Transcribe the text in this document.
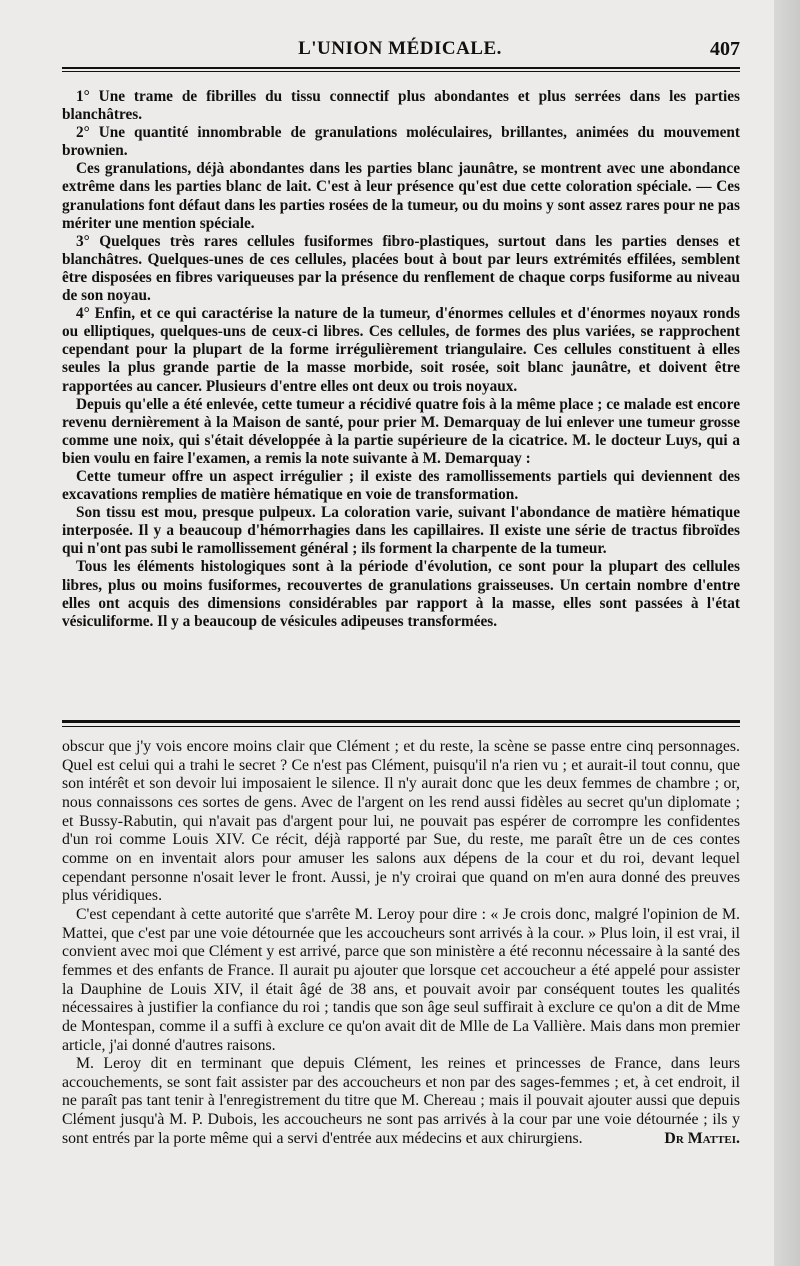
L'UNION MÉDICALE.	407

1° Une trame de fibrilles du tissu connectif plus abondantes et plus serrées dans les parties blanchâtres.

2° Une quantité innombrable de granulations moléculaires, brillantes, animées du mouvement brownien.

Ces granulations, déjà abondantes dans les parties blanc jaunâtre, se montrent avec une abondance extrême dans les parties blanc de lait. C'est à leur présence qu'est due cette coloration spéciale. — Ces granulations font défaut dans les parties rosées de la tumeur, ou du moins y sont assez rares pour ne pas mériter une mention spéciale.

3° Quelques très rares cellules fusiformes fibro-plastiques, surtout dans les parties denses et blanchâtres. Quelques-unes de ces cellules, placées bout à bout par leurs extrémités effilées, semblent être disposées en fibres variqueuses par la présence du renflement de chaque corps fusiforme au niveau de son noyau.

4° Enfin, et ce qui caractérise la nature de la tumeur, d'énormes cellules et d'énormes noyaux ronds ou elliptiques, quelques-uns de ceux-ci libres. Ces cellules, de formes des plus variées, se rapprochent cependant pour la plupart de la forme irrégulièrement triangulaire. Ces cellules constituent à elles seules la plus grande partie de la masse morbide, soit rosée, soit blanc jaunâtre, et doivent être rapportées au cancer. Plusieurs d'entre elles ont deux ou trois noyaux.

Depuis qu'elle a été enlevée, cette tumeur a récidivé quatre fois à la même place ; ce malade est encore revenu dernièrement à la Maison de santé, pour prier M. Demarquay de lui enlever une tumeur grosse comme une noix, qui s'était développée à la partie supérieure de la cicatrice. M. le docteur Luys, qui a bien voulu en faire l'examen, a remis la note suivante à M. Demarquay :

Cette tumeur offre un aspect irrégulier ; il existe des ramollissements partiels qui deviennent des excavations remplies de matière hématique en voie de transformation.

Son tissu est mou, presque pulpeux. La coloration varie, suivant l'abondance de matière hématique interposée. Il y a beaucoup d'hémorrhagies dans les capillaires. Il existe une série de tractus fibroïdes qui n'ont pas subi le ramollissement général ; ils forment la charpente de la tumeur.

Tous les éléments histologiques sont à la période d'évolution, ce sont pour la plupart des cellules libres, plus ou moins fusiformes, recouvertes de granulations graisseuses. Un certain nombre d'entre elles ont acquis des dimensions considérables par rapport à la masse, elles sont passées à l'état vésiculiforme. Il y a beaucoup de vésicules adipeuses transformées.

obscur que j'y vois encore moins clair que Clément ; et du reste, la scène se passe entre cinq personnages. Quel est celui qui a trahi le secret ? Ce n'est pas Clément, puisqu'il n'a rien vu ; et aurait-il tout connu, que son intérêt et son devoir lui imposaient le silence. Il n'y aurait donc que les deux femmes de chambre ; or, nous connaissons ces sortes de gens. Avec de l'argent on les rend aussi fidèles au secret qu'un diplomate ; et Bussy-Rabutin, qui n'avait pas d'argent pour lui, ne pouvait pas espérer de corrompre les confidentes d'un roi comme Louis XIV. Ce récit, déjà rapporté par Sue, du reste, me paraît être un de ces contes comme on en inventait alors pour amuser les salons aux dépens de la cour et du roi, devant lequel cependant personne n'osait lever le front. Aussi, je n'y croirai que quand on m'en aura donné des preuves plus véridiques.

C'est cependant à cette autorité que s'arrête M. Leroy pour dire : « Je crois donc, malgré l'opinion de M. Mattei, que c'est par une voie détournée que les accoucheurs sont arrivés à la cour. » Plus loin, il est vrai, il convient avec moi que Clément y est arrivé, parce que son ministère a été reconnu nécessaire à la santé des femmes et des enfants de France. Il aurait pu ajouter que lorsque cet accoucheur a été appelé pour assister la Dauphine de Louis XIV, il était âgé de 38 ans, et pouvait avoir par conséquent toutes les qualités nécessaires à justifier la confiance du roi ; tandis que son âge seul suffirait à exclure ce qu'on a dit de Mme de Montespan, comme il a suffi à exclure ce qu'on avait dit de Mlle de La Vallière. Mais dans mon premier article, j'ai donné d'autres raisons.

M. Leroy dit en terminant que depuis Clément, les reines et princesses de France, dans leurs accouchements, se sont fait assister par des accoucheurs et non par des sages-femmes ; et, à cet endroit, il ne paraît pas tant tenir à l'enregistrement du titre que M. Chereau ; mais il pouvait ajouter aussi que depuis Clément jusqu'à M. P. Dubois, les accoucheurs ne sont pas arrivés à la cour par une voie détournée ; ils y sont entrés par la porte même qui a servi d'entrée aux médecins et aux chirurgiens.	Dr Mattei.
